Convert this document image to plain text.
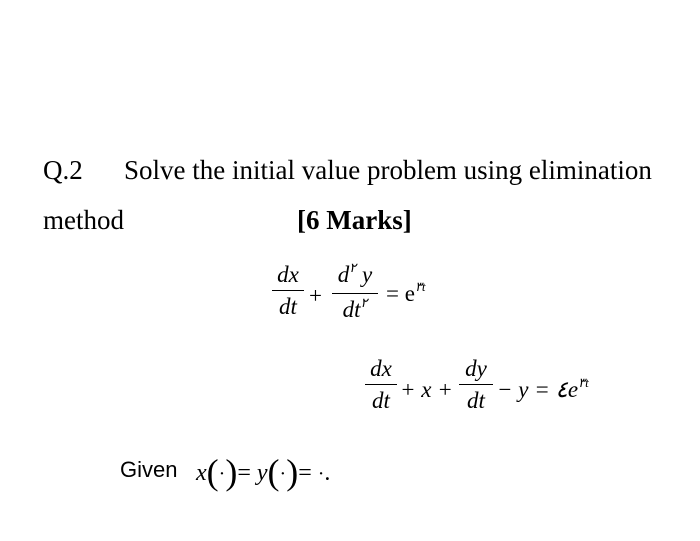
Q.2 Solve the initial value problem using elimination
method	[6 Marks]
dx
dt +
$d^٢$ y
$dt^٢ = e^{٣t}$
dx
dt + x +
dy
dt − $y = ٤e^{٣t}$
Given x(·)= y(·)= ·.
